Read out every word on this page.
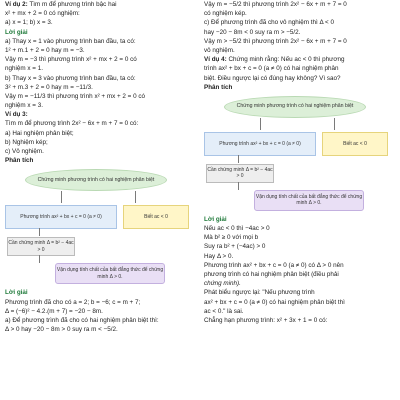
Ví dụ 2: Tìm m để phương trình bậc hai
x² + mx + 2 = 0 có nghiệm:
a) x = 1; b) x = 3.
Lời giải
a) Thay x = 1 vào phương trình ban đầu, ta có:
1² + m.1 + 2 = 0 hay m = −3.
Vậy m = −3 thì phương trình x² + mx + 2 = 0 có
nghiệm x = 1.
b) Thay x = 3 vào phương trình ban đầu, ta có:
3² + m.3 + 2 = 0 hay m = −11/3.
Vậy m = −11/3 thì phương trình x² + mx + 2 = 0 có
nghiệm x = 3.
Ví dụ 3:
Tìm m để phương trình 2x² − 6x + m + 7 = 0 có:
a) Hai nghiệm phân biệt;
b) Nghiệm kép;
c) Vô nghiệm.
Phân tích
Chứng minh phương trình có hai nghiệm phân biệt
Phương trình ax² + bx + c = 0 (a ≠ 0)	Biết ac < 0
Cần chứng minh Δ = b² − 4ac > 0
Vận dụng tính chất của bất đẳng thức để chứng minh Δ > 0.
Lời giải
Phương trình đã cho có a = 2; b = −6; c = m + 7;
Δ = (−6)² − 4.2.(m + 7) = −20 − 8m.
a) Để phương trình đã cho có hai nghiệm phân biệt thì:
Δ > 0 hay −20 − 8m > 0 suy ra m < −5/2.
Vậy m = −5/2 thì phương trình 2x² − 6x + m + 7 = 0
có nghiệm kép.
c) Để phương trình đã cho vô nghiệm thì Δ < 0
hay −20 − 8m < 0 suy ra m > −5/2.
Vậy m > −5/2 thì phương trình 2x² − 6x + m + 7 = 0
vô nghiệm.
Ví dụ 4: Chứng minh rằng: Nếu ac < 0 thì phương
trình ax² + bx + c = 0 (a ≠ 0) có hai nghiệm phân
biệt. Điều ngược lại có đúng hay không? Vì sao?
Phân tích
Chứng minh phương trình có hai nghiệm phân biệt
Phương trình ax² + bx + c = 0 (a ≠ 0)	Biết ac < 0
Cần chứng minh Δ = b² − 4ac > 0
Vận dụng tính chất của bất đẳng thức để chứng minh Δ > 0.
Lời giải
Nếu ac < 0 thì −4ac > 0
Mà b² ≥ 0 với mọi b
Suy ra b² + (−4ac) > 0
Hay Δ > 0.
Phương trình ax² + bx + c = 0 (a ≠ 0) có Δ > 0 nên
phương trình có hai nghiệm phân biệt (điều phải
chứng minh).
Phát biểu ngược lại: "Nếu phương trình
ax² + bx + c = 0 (a ≠ 0) có hai nghiệm phân biệt thì
ac < 0." là sai.
Chẳng hạn phương trình: x² + 3x + 1 = 0 có:
